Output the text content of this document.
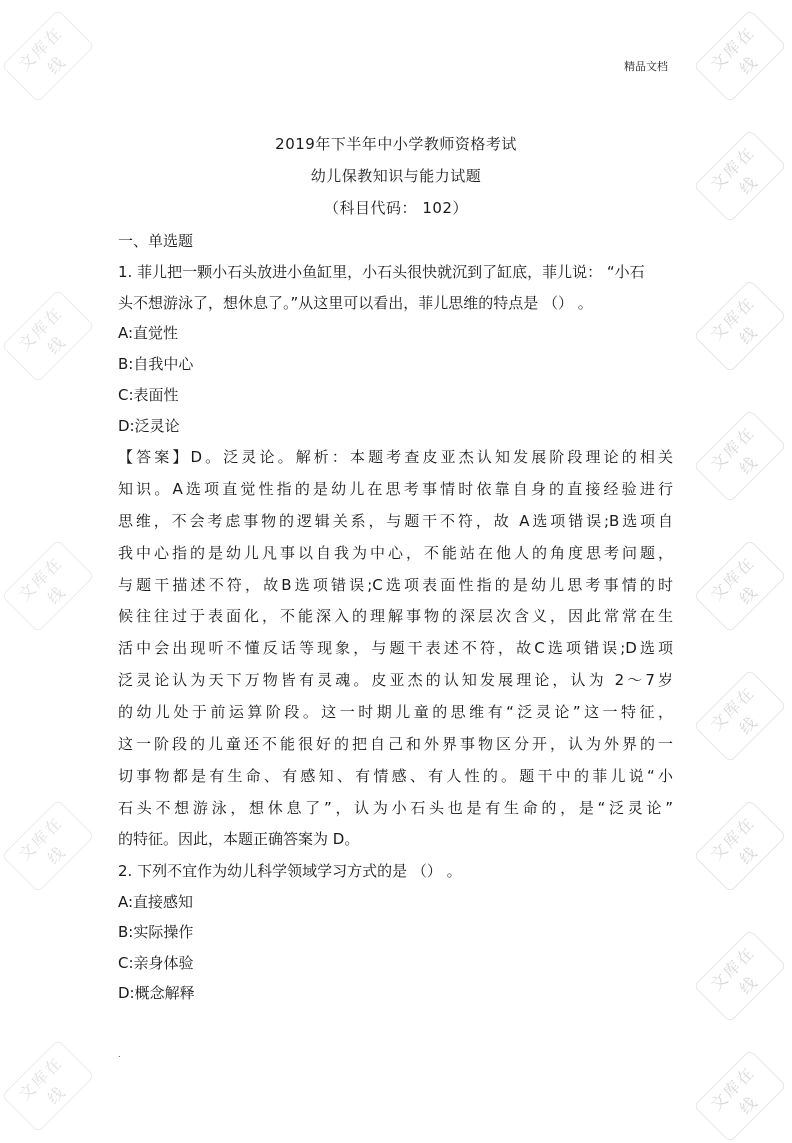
文库在线
文库在线
文库在线
文库在线
文库在线
文库在线
文库在线
文库在线
文库在线
文库在线
文库在线
文库在线
文库在线
文库在线
精品文档
2019年下半年中小学教师资格考试
幼儿保教知识与能力试题
（科目代码： 102）
一、单选题
1. 菲儿把一颗小石头放进小鱼缸里，小石头很快就沉到了缸底，菲儿说： “小石
头不想游泳了，想休息了。”从这里可以看出，菲儿思维的特点是 （） 。
A:直觉性
B:自我中心
C:表面性
D:泛灵论
【答案】D。泛灵论。解析：本题考查皮亚杰认知发展阶段理论的相关
知识。A选项直觉性指的是幼儿在思考事情时依靠自身的直接经验进行
思维，不会考虑事物的逻辑关系，与题干不符，故 A选项错误;B选项自
我中心指的是幼儿凡事以自我为中心，不能站在他人的角度思考问题，
与题干描述不符，故B选项错误;C选项表面性指的是幼儿思考事情的时
候往往过于表面化，不能深入的理解事物的深层次含义，因此常常在生
活中会出现听不懂反话等现象，与题干表述不符，故C选项错误;D选项
泛灵论认为天下万物皆有灵魂。皮亚杰的认知发展理论，认为 2～7岁
的幼儿处于前运算阶段。这一时期儿童的思维有“泛灵论”这一特征，
这一阶段的儿童还不能很好的把自己和外界事物区分开，认为外界的一
切事物都是有生命、有感知、有情感、有人性的。题干中的菲儿说“小
石头不想游泳，想休息了”，认为小石头也是有生命的，是“泛灵论”
的特征。因此，本题正确答案为 D。
2. 下列不宜作为幼儿科学领域学习方式的是 （） 。
A:直接感知
B:实际操作
C:亲身体验
D:概念解释
.
